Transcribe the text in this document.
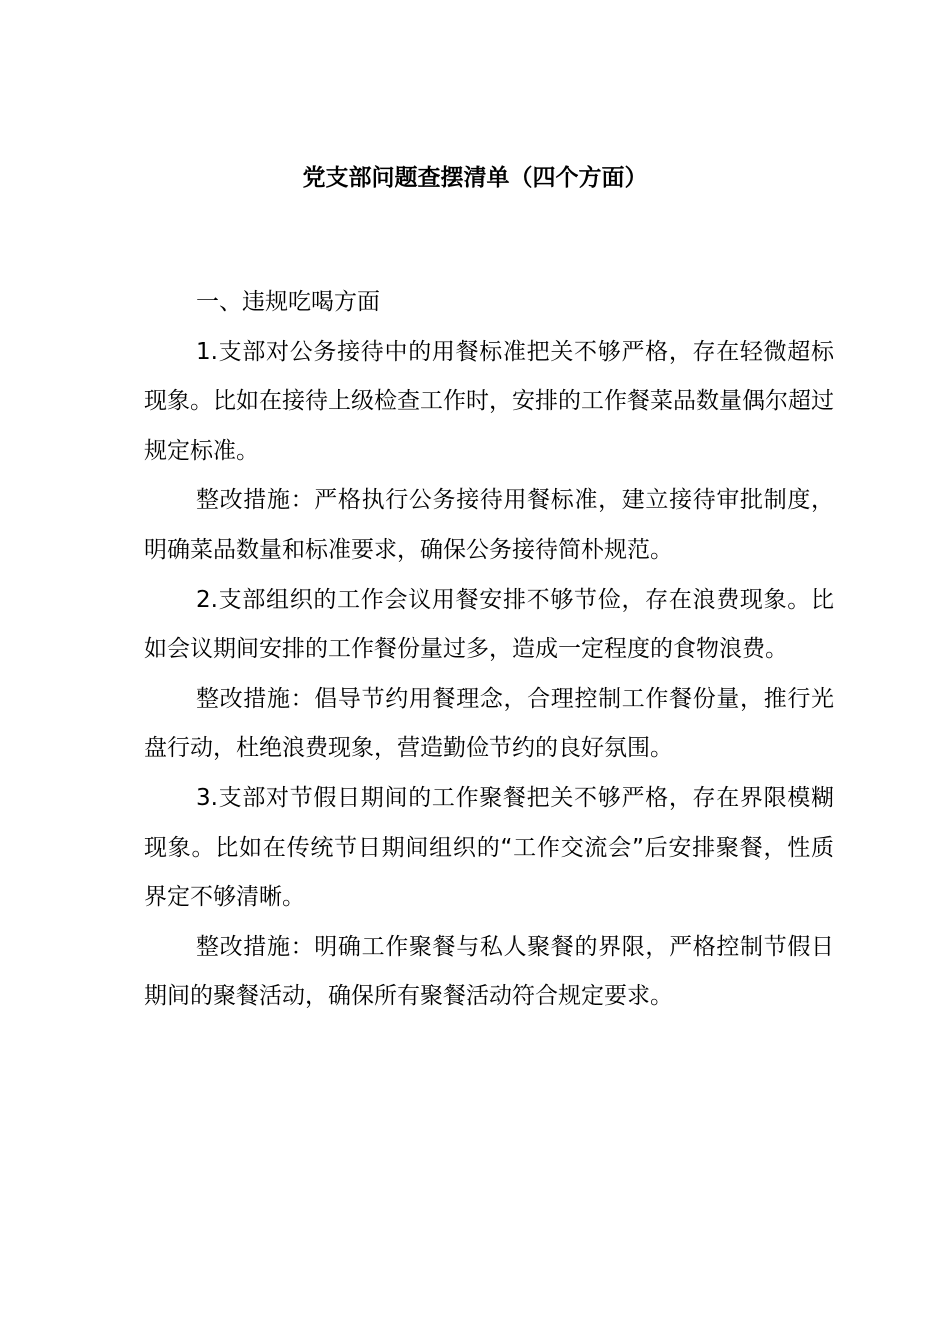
党支部问题查摆清单（四个方面）

一、违规吃喝方面

1.支部对公务接待中的用餐标准把关不够严格，存在轻微超标现象。比如在接待上级检查工作时，安排的工作餐菜品数量偶尔超过规定标准。

整改措施：严格执行公务接待用餐标准，建立接待审批制度，明确菜品数量和标准要求，确保公务接待简朴规范。

2.支部组织的工作会议用餐安排不够节俭，存在浪费现象。比如会议期间安排的工作餐份量过多，造成一定程度的食物浪费。

整改措施：倡导节约用餐理念，合理控制工作餐份量，推行光盘行动，杜绝浪费现象，营造勤俭节约的良好氛围。

3.支部对节假日期间的工作聚餐把关不够严格，存在界限模糊现象。比如在传统节日期间组织的“工作交流会”后安排聚餐，性质界定不够清晰。

整改措施：明确工作聚餐与私人聚餐的界限，严格控制节假日期间的聚餐活动，确保所有聚餐活动符合规定要求。
